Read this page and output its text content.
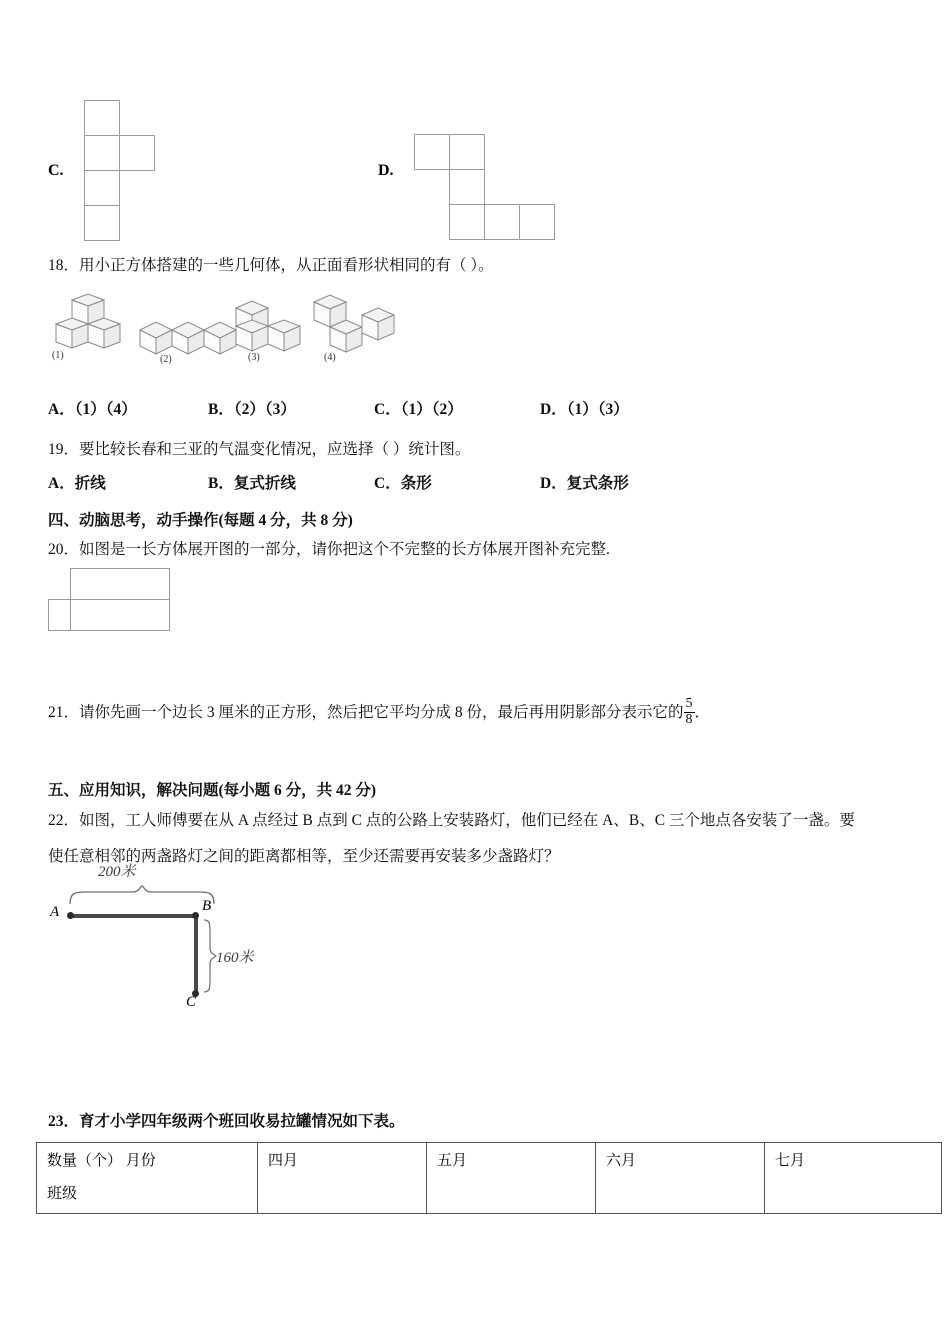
C.	D.
18．用小正方体搭建的一些几何体，从正面看形状相同的有（ ）。
(1)	(2)	(3)	(4)
A．（1）（4）	B．（2）（3）	C．（1）（2）	D．（1）（3）
19．要比较长春和三亚的气温变化情况，应选择（ ）统计图。
A．折线	B．复式折线	C．条形	D．复式条形
四、动脑思考，动手操作(每题 4 分，共 8 分)
20．如图是一长方体展开图的一部分，请你把这个不完整的长方体展开图补充完整.
21．请你先画一个边长 3 厘米的正方形，然后把它平均分成 8 份，最后再用阴影部分表示它的 $\frac{5}{8}$ ．
五、应用知识，解决问题(每小题 6 分，共 42 分)
22．如图，工人师傅要在从 A 点经过 B 点到 C 点的公路上安装路灯，他们已经在 A、B、C 三个地点各安装了一盏。要
使任意相邻的两盏路灯之间的距离都相等，至少还需要再安装多少盏路灯？
200米
A	B
C
160米
23．育才小学四年级两个班回收易拉罐情况如下表。
数量（个） 月份
班级
	四月	五月	六月	七月
